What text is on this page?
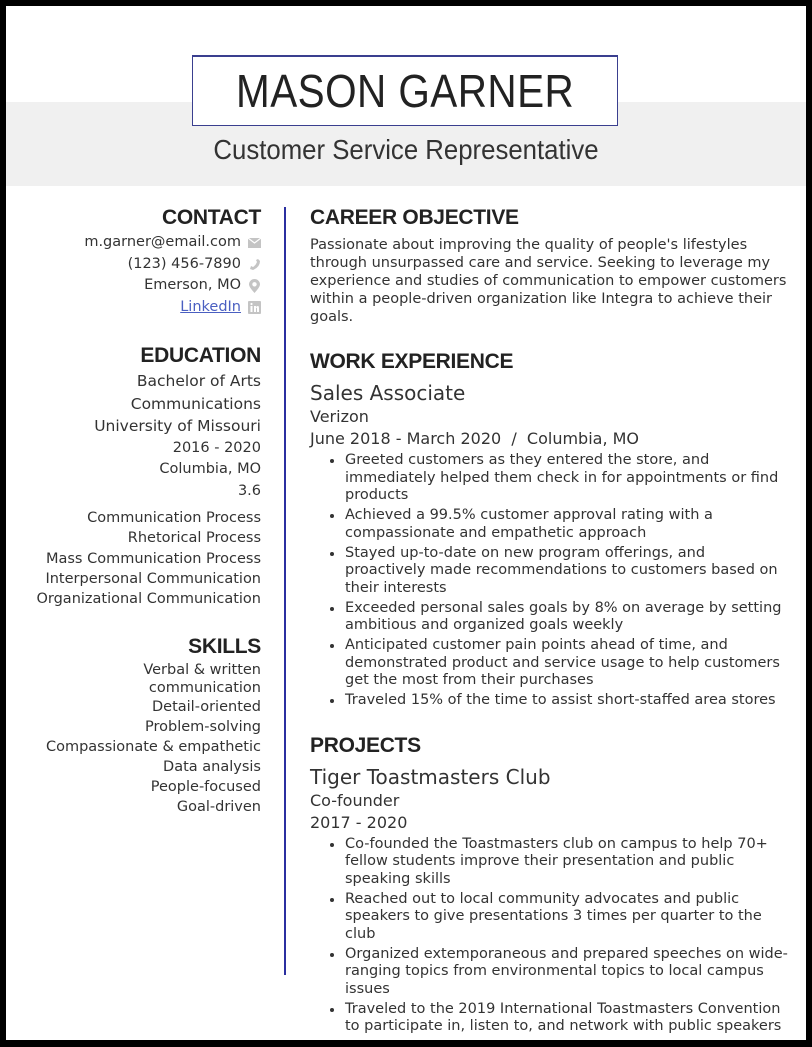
MASON GARNER
Customer Service Representative
CONTACT
m.garner@email.com
(123) 456-7890
Emerson, MO
LinkedIn
EDUCATION
Bachelor of Arts
Communications
University of Missouri
2016 - 2020
Columbia, MO
3.6
Communication Process
Rhetorical Process
Mass Communication Process
Interpersonal Communication
Organizational Communication
SKILLS
Verbal & written
communication
Detail-oriented
Problem-solving
Compassionate & empathetic
Data analysis
People-focused
Goal-driven
CAREER OBJECTIVE

Passionate about improving the quality of people's lifestyles through unsurpassed care and service. Seeking to leverage my experience and studies of communication to empower customers within a people-driven organization like Integra to achieve their goals.

WORK EXPERIENCE
Sales Associate
Verizon
June 2018 - March 2020  /  Columbia, MO
Greeted customers as they entered the store, and immediately helped them check in for appointments or find products
Achieved a 99.5% customer approval rating with a compassionate and empathetic approach
Stayed up-to-date on new program offerings, and proactively made recommendations to customers based on their interests
Exceeded personal sales goals by 8% on average by setting ambitious and organized goals weekly
Anticipated customer pain points ahead of time, and demonstrated product and service usage to help customers get the most from their purchases
Traveled 15% of the time to assist short-staffed area stores
PROJECTS
Tiger Toastmasters Club
Co-founder
2017 - 2020
Co-founded the Toastmasters club on campus to help 70+ fellow students improve their presentation and public speaking skills
Reached out to local community advocates and public speakers to give presentations 3 times per quarter to the club
Organized extemporaneous and prepared speeches on wide-ranging topics from environmental topics to local campus issues
Traveled to the 2019 International Toastmasters Convention to participate in, listen to, and network with public speakers
